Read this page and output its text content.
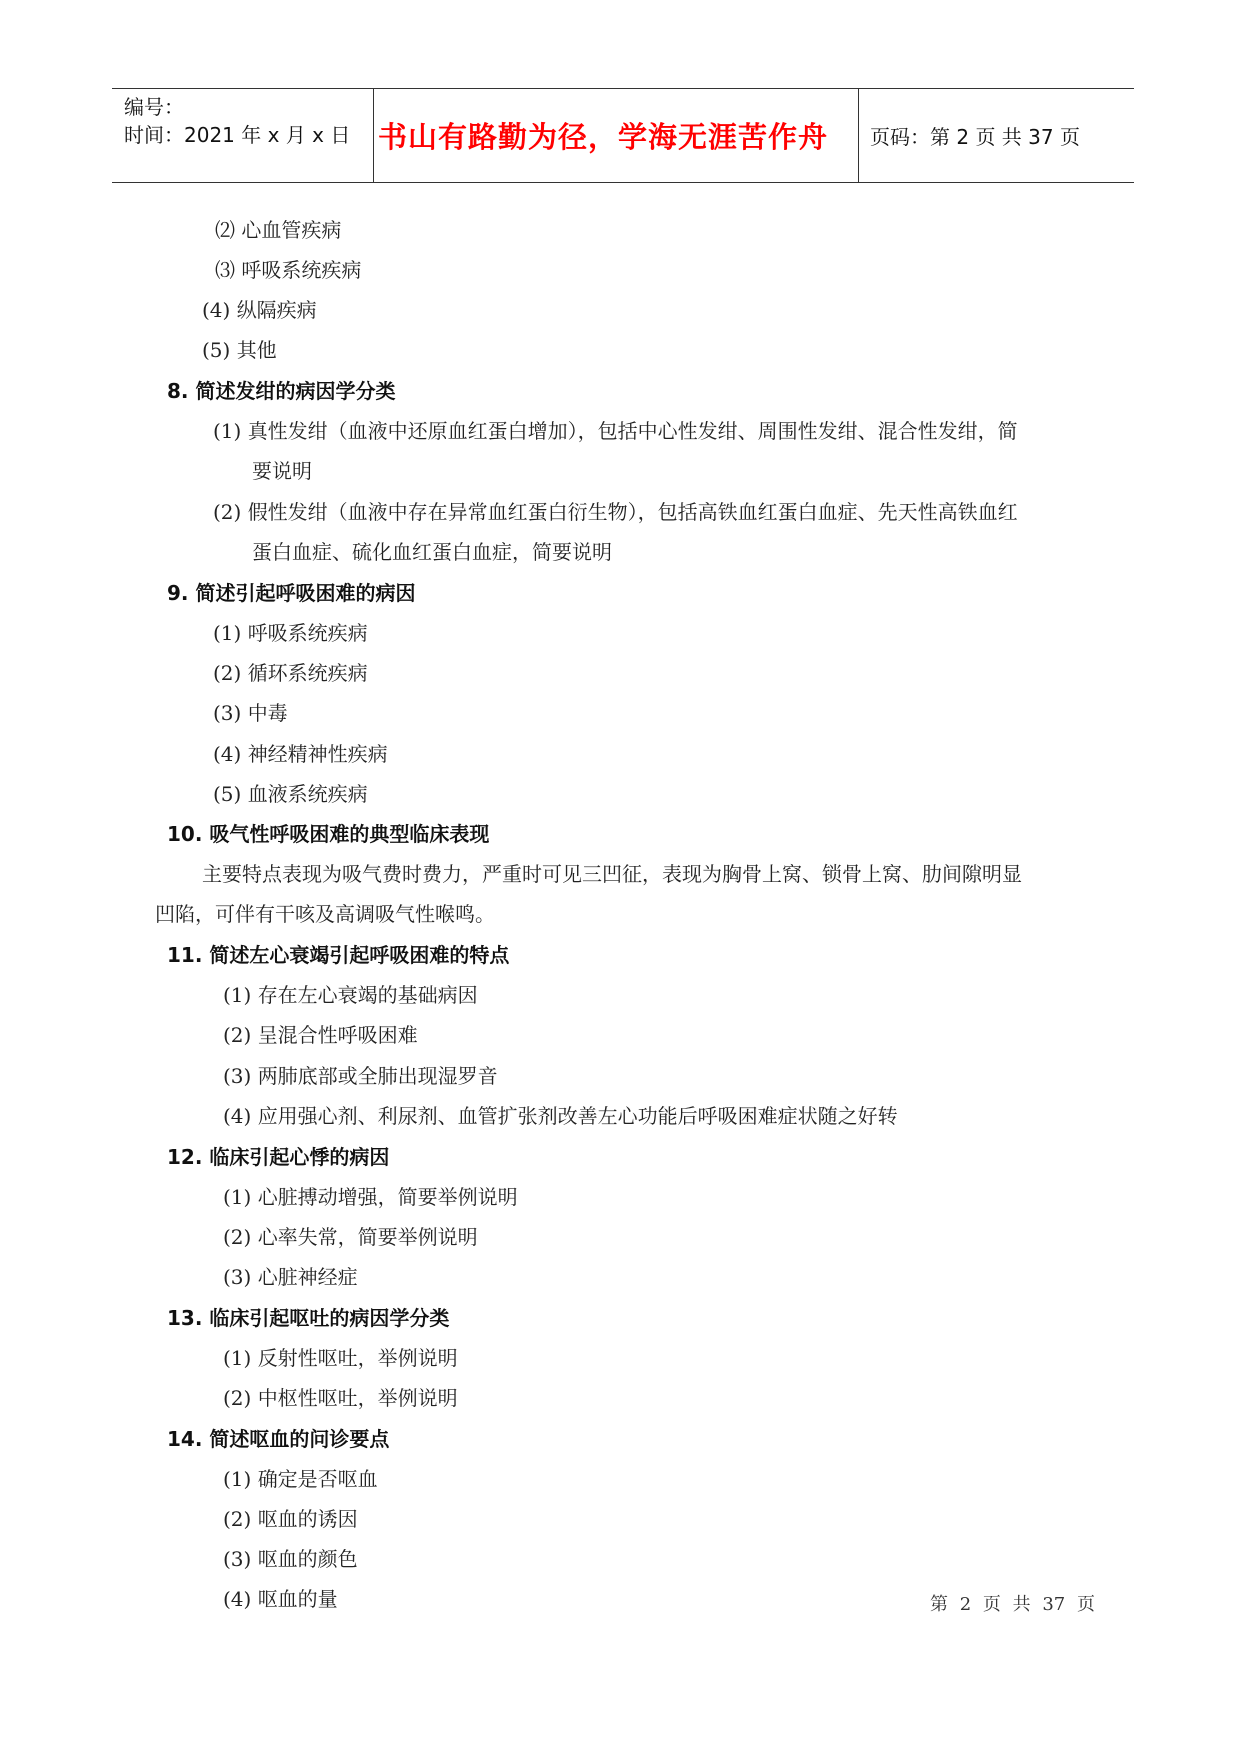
编号：
时间：2021 年 x 月 x 日 书山有路勤为径，学海无涯苦作舟 页码：第 2 页 共 37 页
⑵ 心血管疾病
⑶ 呼吸系统疾病
(4) 纵隔疾病
(5) 其他
8. 简述发绀的病因学分类
(1) 真性发绀（血液中还原血红蛋白增加），包括中心性发绀、周围性发绀、混合性发绀，简
要说明
(2) 假性发绀（血液中存在异常血红蛋白衍生物），包括高铁血红蛋白血症、先天性高铁血红
蛋白血症、硫化血红蛋白血症，简要说明
9. 简述引起呼吸困难的病因
(1) 呼吸系统疾病
(2) 循环系统疾病
(3) 中毒
(4) 神经精神性疾病
(5) 血液系统疾病
10. 吸气性呼吸困难的典型临床表现
主要特点表现为吸气费时费力，严重时可见三凹征，表现为胸骨上窝、锁骨上窝、肋间隙明显
凹陷，可伴有干咳及高调吸气性喉鸣。
11. 简述左心衰竭引起呼吸困难的特点
(1) 存在左心衰竭的基础病因
(2) 呈混合性呼吸困难
(3) 两肺底部或全肺出现湿罗音
(4) 应用强心剂、利尿剂、血管扩张剂改善左心功能后呼吸困难症状随之好转
12. 临床引起心悸的病因
(1) 心脏搏动增强，简要举例说明
(2) 心率失常，简要举例说明
(3) 心脏神经症
13. 临床引起呕吐的病因学分类
(1) 反射性呕吐，举例说明
(2) 中枢性呕吐，举例说明
14. 简述呕血的问诊要点
(1) 确定是否呕血
(2) 呕血的诱因
(3) 呕血的颜色
(4) 呕血的量	第 2 页 共 37 页
